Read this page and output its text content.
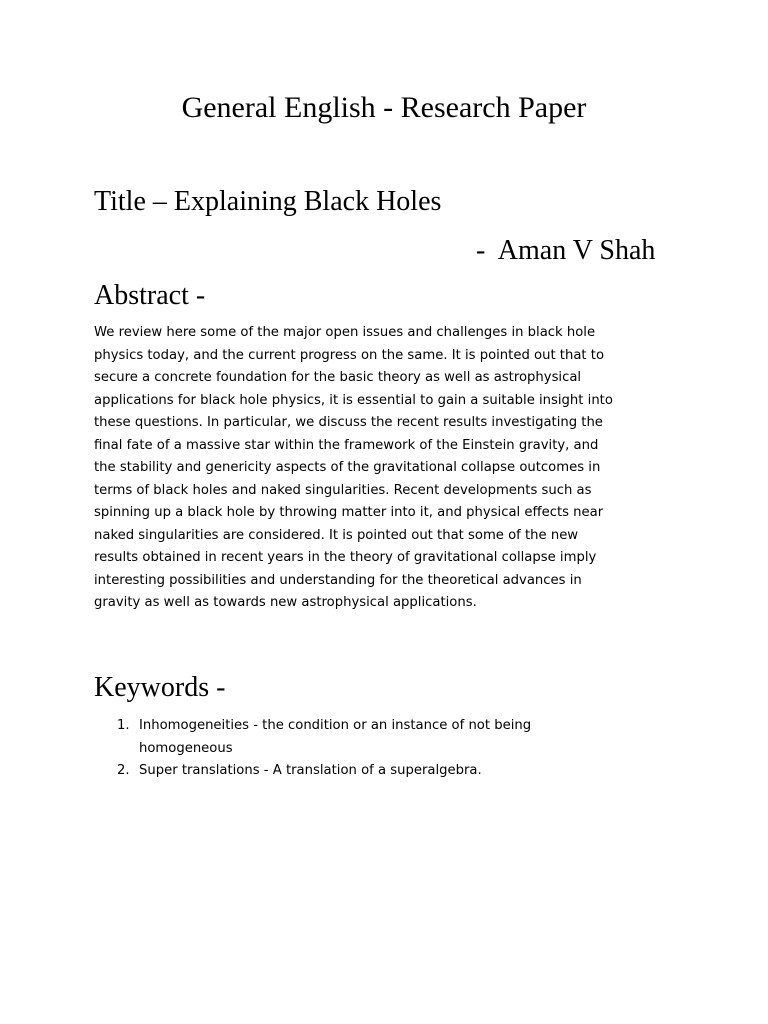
General English - Research Paper
Title – Explaining Black Holes
-  Aman V Shah
Abstract -

We review here some of the major open issues and challenges in black hole
physics today, and the current progress on the same. It is pointed out that to
secure a concrete foundation for the basic theory as well as astrophysical
applications for black hole physics, it is essential to gain a suitable insight into
these questions. In particular, we discuss the recent results investigating the
final fate of a massive star within the framework of the Einstein gravity, and
the stability and genericity aspects of the gravitational collapse outcomes in
terms of black holes and naked singularities. Recent developments such as
spinning up a black hole by throwing matter into it, and physical effects near
naked singularities are considered. It is pointed out that some of the new
results obtained in recent years in the theory of gravitational collapse imply
interesting possibilities and understanding for the theoretical advances in
gravity as well as towards new astrophysical applications.

Keywords -
1. Inhomogeneities - the condition or an instance of not being
homogeneous
2. Super translations - A translation of a superalgebra.
